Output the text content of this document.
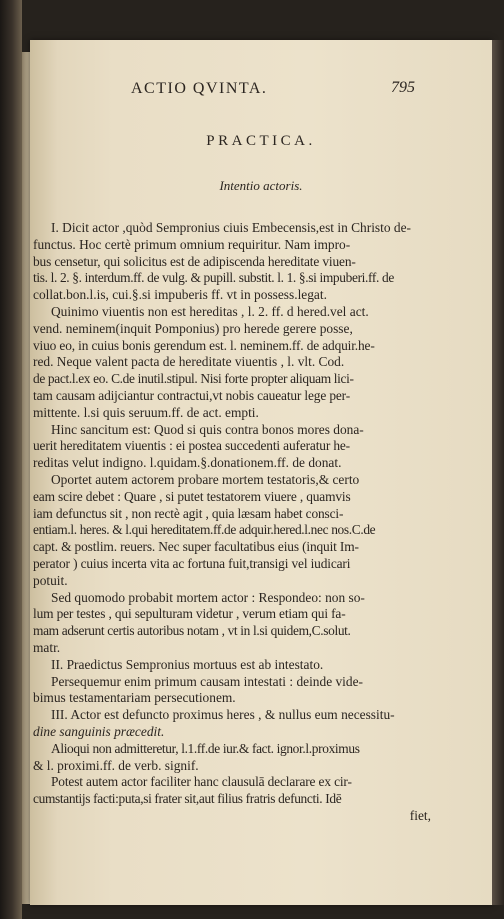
ACTIO QVINTA.	795
PRACTICA.
Intentio actoris.
I. Dicit actor ,quòd Sempronius ciuis Embecensis,est in Christo de-
functus. Hoc certè primum omnium requiritur. Nam impro-
bus censetur, qui solicitus est de adipiscenda hereditate viuen-
tis. l. 2. §. interdum.ff. de vulg. & pupill. substit. l. 1. §.si impuberi.ff. de
collat.bon.l.is, cui.§.si impuberis ff. vt in possess.legat.
Quinimo viuentis non est hereditas , l. 2. ff. d hered.vel act.
vend. neminem(inquit Pomponius) pro herede gerere posse,
viuo eo, in cuius bonis gerendum est. l. neminem.ff. de adquir.he-
red. Neque valent pacta de hereditate viuentis , l. vlt. Cod.
de pact.l.ex eo. C.de inutil.stipul. Nisi forte propter aliquam lici-
tam causam adijciantur contractui,vt nobis caueatur lege per-
mittente. l.si quis seruum.ff. de act. empti.
Hinc sancitum est: Quod si quis contra bonos mores dona-
uerit hereditatem viuentis : ei postea succedenti auferatur he-
reditas velut indigno. l.quidam.§.donationem.ff. de donat.
Oportet autem actorem probare mortem testatoris,& certo
eam scire debet : Quare , si putet testatorem viuere , quamvis
iam defunctus sit , non rectè agit , quia læsam habet consci-
entiam.l. heres. & l.qui hereditatem.ff.de adquir.hered.l.nec nos.C.de
capt. & postlim. reuers. Nec super facultatibus eius (inquit Im-
perator ) cuius incerta vita ac fortuna fuit,transigi vel iudicari
potuit.
Sed quomodo probabit mortem actor : Respondeo: non so-
lum per testes , qui sepulturam videtur , verum etiam qui fa-
mam adserunt certis autoribus notam , vt in l.si quidem,C.solut.
matr.
II. Praedictus Sempronius mortuus est ab intestato.
Persequemur enim primum causam intestati : deinde vide-
bimus testamentariam persecutionem.
III. Actor est defuncto proximus heres , & nullus eum necessitu-
dine sanguinis præcedit.
Alioqui non admitteretur, l.1.ff.de iur.& fact. ignor.l.proximus
& l. proximi.ff. de verb. signif.
Potest autem actor faciliter hanc clausulā declarare ex cir-
cumstantijs facti:puta,si frater sit,aut filius fratris defuncti. Idē
fiet,
